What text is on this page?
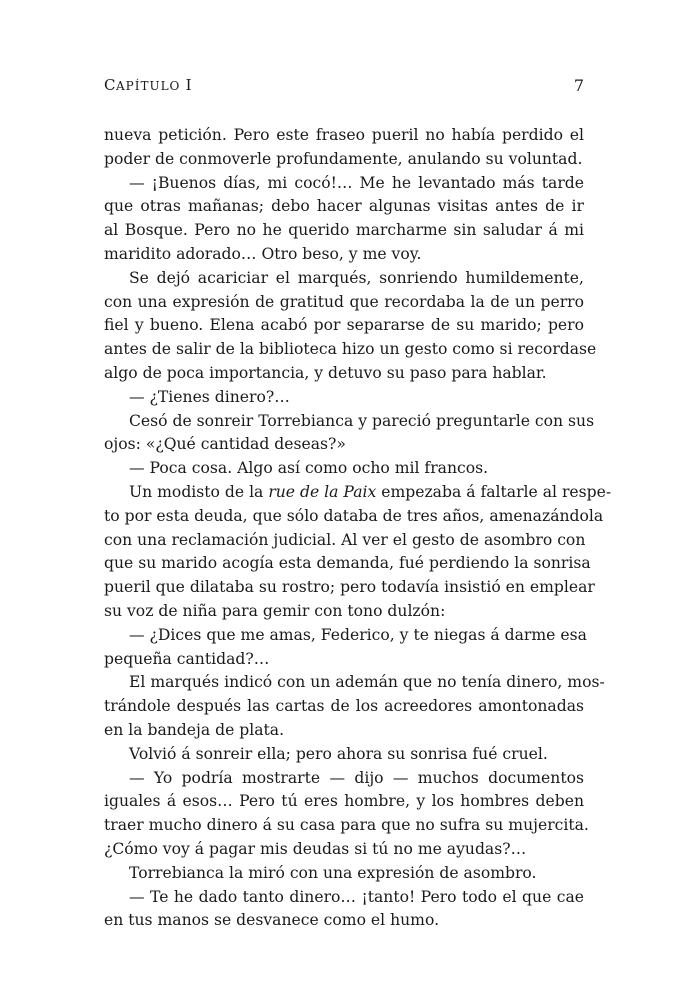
CAPÍTULO I	7
nueva petición. Pero este fraseo pueril no había perdido el
poder de conmoverle profundamente, anulando su voluntad.
— ¡Buenos días, mi cocó!… Me he levantado más tarde
que otras mañanas; debo hacer algunas visitas antes de ir
al Bosque. Pero no he querido marcharme sin saludar á mi
maridito adorado… Otro beso, y me voy.
Se dejó acariciar el marqués, sonriendo humildemente,
con una expresión de gratitud que recordaba la de un perro
fiel y bueno. Elena acabó por separarse de su marido; pero
antes de salir de la biblioteca hizo un gesto como si recordase
algo de poca importancia, y detuvo su paso para hablar.
— ¿Tienes dinero?…
Cesó de sonreir Torrebianca y pareció preguntarle con sus
ojos: «¿Qué cantidad deseas?»
— Poca cosa. Algo así como ocho mil francos.
Un modisto de la rue de la Paix empezaba á faltarle al respe-
to por esta deuda, que sólo databa de tres años, amenazándola
con una reclamación judicial. Al ver el gesto de asombro con
que su marido acogía esta demanda, fué perdiendo la sonrisa
pueril que dilataba su rostro; pero todavía insistió en emplear
su voz de niña para gemir con tono dulzón:
— ¿Dices que me amas, Federico, y te niegas á darme esa
pequeña cantidad?…
El marqués indicó con un ademán que no tenía dinero, mos-
trándole después las cartas de los acreedores amontonadas
en la bandeja de plata.
Volvió á sonreir ella; pero ahora su sonrisa fué cruel.
— Yo podría mostrarte — dijo — muchos documentos
iguales á esos… Pero tú eres hombre, y los hombres deben
traer mucho dinero á su casa para que no sufra su mujercita.
¿Cómo voy á pagar mis deudas si tú no me ayudas?…
Torrebianca la miró con una expresión de asombro.
— Te he dado tanto dinero… ¡tanto! Pero todo el que cae
en tus manos se desvanece como el humo.
